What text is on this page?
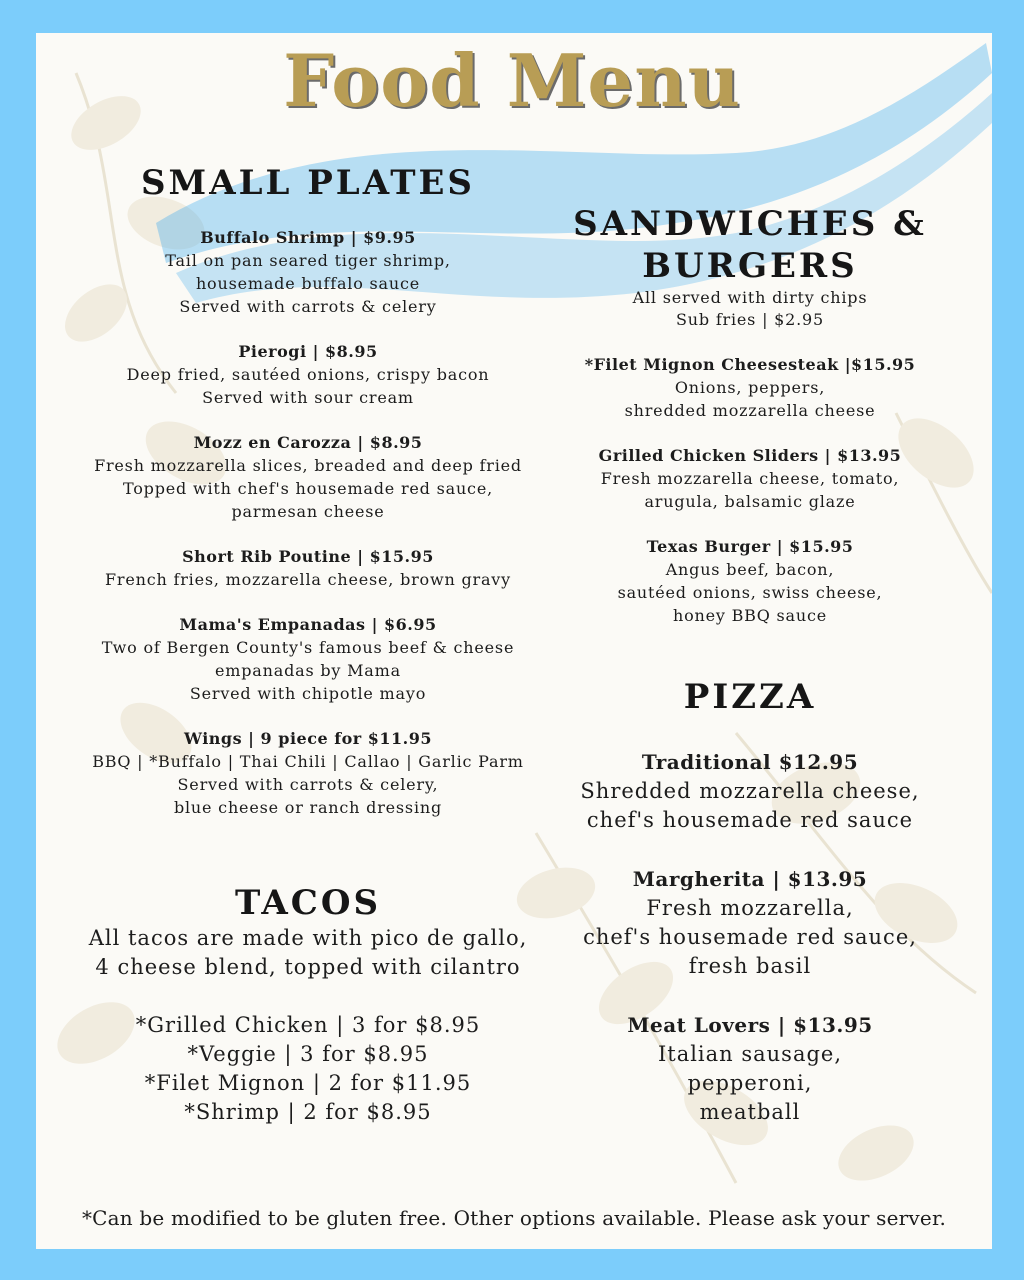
Food Menu
SMALL PLATES

Buffalo Shrimp | $9.95

Tail on pan seared tiger shrimp,

housemade buffalo sauce

Served with carrots & celery

Pierogi | $8.95

Deep fried, sautéed onions, crispy bacon

Served with sour cream

Mozz en Carozza | $8.95

Fresh mozzarella slices, breaded and deep fried

Topped with chef's housemade red sauce,

parmesan cheese

Short Rib Poutine | $15.95

French fries, mozzarella cheese, brown gravy

Mama's Empanadas | $6.95

Two of Bergen County's famous beef & cheese

empanadas by Mama

Served with chipotle mayo

Wings | 9 piece for $11.95

BBQ | *Buffalo | Thai Chili | Callao | Garlic Parm

Served with carrots & celery,

blue cheese or ranch dressing

TACOS

All tacos are made with pico de gallo,

4 cheese blend, topped with cilantro

*Grilled Chicken | 3 for $8.95

*Veggie | 3 for $8.95

*Filet Mignon | 2 for $11.95

*Shrimp | 2 for $8.95

SANDWICHES &
BURGERS

All served with dirty chips

Sub fries | $2.95

*Filet Mignon Cheesesteak |$15.95

Onions, peppers,

shredded mozzarella cheese

Grilled Chicken Sliders | $13.95

Fresh mozzarella cheese, tomato,

arugula, balsamic glaze

Texas Burger | $15.95

Angus beef, bacon,

sautéed onions, swiss cheese,

honey BBQ sauce

PIZZA

Traditional $12.95

Shredded mozzarella cheese,

chef's housemade red sauce

Margherita | $13.95

Fresh mozzarella,

chef's housemade red sauce,

fresh basil

Meat Lovers | $13.95

Italian sausage,

pepperoni,

meatball

*Can be modified to be gluten free. Other options available. Please ask your server.
